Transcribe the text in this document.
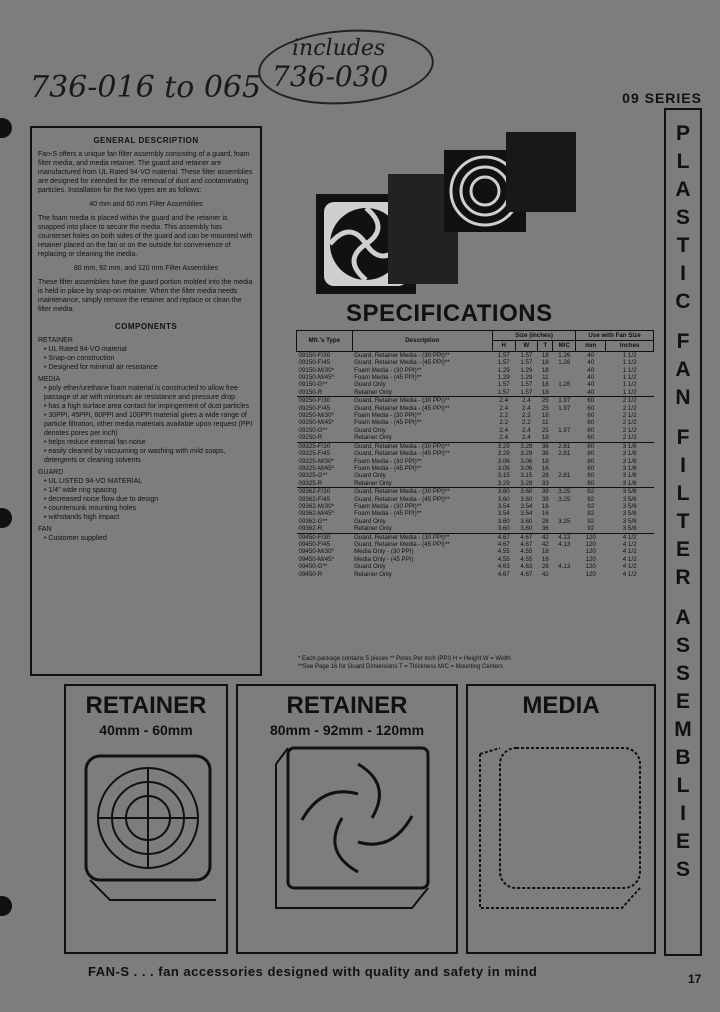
736-016 to 065
includes
736-030
09 SERIES
P
L
A
S
T
I
C
F
A
N
F
I
L
T
E
R
A
S
S
E
M
B
L
I
E
S
GENERAL DESCRIPTION

Fan-S offers a unique fan filter assembly consisting of a guard, foam filter media, and media retainer. The guard and retainer are manufactured from UL Rated 94-VO material. These filter assemblies are designed for intended for the removal of dust and contaminating particles. Installation for the two types are as follows:

40 mm and 60 mm Filter Assemblies

The foam media is placed within the guard and the retainer is snapped into place to secure the media. This assembly has counterset holes on both sides of the guard and can be mounted with retainer placed on the fan or on the outside for convenience of replacing or cleaning the media.

80 mm, 92 mm, and 120 mm Filter Assemblies

These filter assemblies have the guard portion molded into the media is held in place by snap-on retainer. When the filter media needs maintenance, simply remove the retainer and replace or clean the filter media.

COMPONENTS
RETAINER
• UL Rated 94-VO material
• Snap-on construction
• Designed for minimal air resistance
MEDIA
• poly ether/urethane foam material is constructed to allow free passage of air with minimum air resistance and pressure drop
• has a high surface area contact for impingement of dust particles
• 30PPI, 45PPI, 60PPI and 100PPI material gives a wide range of particle filtration, other media materials available upon request (PPI denotes pores per inch)
• helps reduce external fan noise
• easily cleaned by vacuuming or washing with mild soaps, detergents or cleaning solvents
GUARD
• UL LISTED 94-VO MATERIAL
• 1/4" wide ring spacing
• decreased noise flow due to design
• countersunk mounting holes
• withstands high impact
FAN
• Customer supplied
SPECIFICATIONS
Mfr.'s Type	Description	Size (inches)				Use with Fan Size	
		H	W	T	M/C	mm	Inches
09150-F/30	Guard, Retainer Media - (30 PPI)**	1.57	1.57	18	1.26	40	1 1/2
09150-F/45	Guard, Retainer Media - (45 PPI)**	1.57	1.57	18	1.26	40	1 1/2
09150-M/30*	Foam Media - (30 PPI)**	1.29	1.29	18		40	1 1/2
09150-M/45*	Foam Media - (45 PPI)**	1.29	1.29	11		40	1 1/2
09150-G**	Guard Only	1.57	1.57	18	1.26	40	1 1/2
09150-R	Retainer Only	1.57	1.57	18		40	1 1/2
09250-F/30	Guard, Retainer Media - (30 PPI)**	2.4	2.4	25	1.97	60	2 1/2
09250-F/45	Guard, Retainer Media - (45 PPI)**	2.4	2.4	25	1.97	60	2 1/2
09250-M/30*	Foam Media - (30 PPI)**	2.2	2.2	18		60	2 1/2
09250-M/45*	Foam Media - (45 PPI)**	2.2	2.2	11		60	2 1/2
09250-G**	Guard Only	2.4	2.4	25	1.97	60	2 1/2
09250-R	Retainer Only	2.4	2.4	18		60	2 1/2
09325-F/30	Guard, Retainer Media - (30 PPI)**	3.29	3.29	38	2.81	80	3 1/8
09325-F/45	Guard, Retainer Media - (45 PPI)**	3.29	3.29	38	2.81	80	3 1/8
09325-M/30*	Foam Media - (30 PPI)**	3.06	3.06	18		80	3 1/8
09325-M/45*	Foam Media - (45 PPI)**	3.06	3.06	16		80	3 1/8
09325-G**	Guard Only	3.15	3.15	28	2.81	80	3 1/8
09325-R	Retainer Only	3.29	3.29	33		80	3 1/8
09362-F/30	Guard, Retainer Media - (30 PPI)**	3.60	3.60	39	3.25	92	3 5/8
09362-F/45	Guard, Retainer Media - (45 PPI)**	3.60	3.60	39	3.25	92	3 5/8
09362-M/30*	Foam Media - (30 PPI)**	3.54	3.54	18		92	3 5/8
09362-M/45*	Foam Media - (45 PPI)**	3.54	3.54	16		92	3 5/8
09362-G**	Guard Only	3.60	3.60	28	3.25	92	3 5/8
09362-R	Retainer Only	3.60	3.60	36		92	3 5/8
09450-F/30	Guard, Retainer Media - (30 PPI)**	4.67	4.67	42	4.13	120	4 1/2
09450-F/45	Guard, Retainer Media - (45 PPI)**	4.67	4.67	42	4.13	120	4 1/2
09450-M/30*	Media Only - (30 PPI)	4.55	4.55	18		120	4 1/2
09450-M/45*	Media Only - (45 PPI)	4.55	4.55	16		120	4 1/2
09450-G**	Guard Only	4.63	4.63	28	4.13	120	4 1/2
09450-R	Retainer Only	4.67	4.67	42		120	4 1/2
* Each package contains 5 pieces ** Pores Per Inch (PPI) H = Height W = Width
**See Page 16 for Guard Dimensions T = Thickness M/C = Mounting Centers
RETAINER
40mm - 60mm
RETAINER
80mm - 92mm - 120mm
MEDIA
FAN-S . . . fan accessories designed with quality and safety in mind	17
